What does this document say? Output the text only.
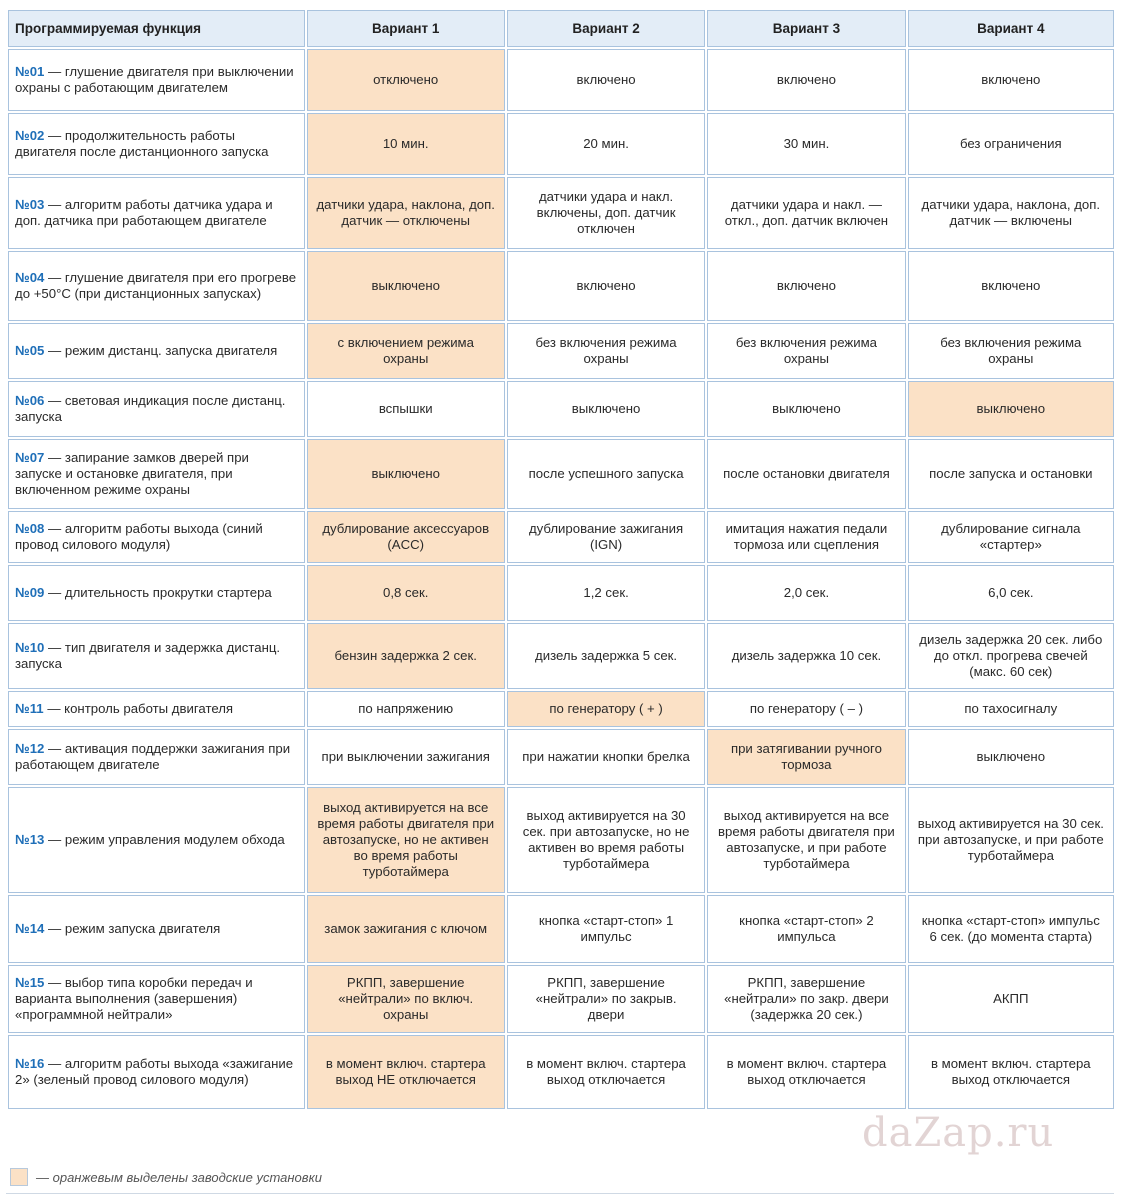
Программируемая функция	Вариант 1	Вариант 2	Вариант 3	Вариант 4
№01 — глушение двигателя при выключении охраны с работающим двигателем	отключено	включено	включено	включено
№02 — продолжительность работы двигателя после дистанционного запуска	10 мин.	20 мин.	30 мин.	без ограничения
№03 — алгоритм работы датчика удара и доп. датчика при работающем двигателе	датчики удара, наклона, доп. датчик — отключены	датчики удара и накл. включены, доп. датчик отключен	датчики удара и накл. — откл., доп. датчик включен	датчики удара, наклона, доп. датчик — включены
№04 — глушение двигателя при его прогреве до +50°С (при дистанционных запусках)	выключено	включено	включено	включено
№05 — режим дистанц. запуска двигателя	с включением режима охраны	без включения режима охраны	без включения режима охраны	без включения режима охраны
№06 — световая индикация после дистанц. запуска	вспышки	выключено	выключено	выключено
№07 — запирание замков дверей при запуске и остановке двигателя, при включенном режиме охраны	выключено	после успешного запуска	после остановки двигателя	после запуска и остановки
№08 — алгоритм работы выхода (синий провод силового модуля)	дублирование аксессуаров (ACC)	дублирование зажигания (IGN)	имитация нажатия педали тормоза или сцепления	дублирование сигнала «стартер»
№09 — длительность прокрутки стартера	0,8 сек.	1,2 сек.	2,0 сек.	6,0 сек.
№10 — тип двигателя и задержка дистанц. запуска	бензин задержка 2 сек.	дизель задержка 5 сек.	дизель задержка 10 сек.	дизель задержка 20 сек. либо до откл. прогрева свечей (макс. 60 сек)
№11 — контроль работы двигателя	по напряжению	по генератору ( + )	по генератору ( – )	по тахосигналу
№12 — активация поддержки зажигания при работающем двигателе	при выключении зажигания	при нажатии кнопки брелка	при затягивании ручного тормоза	выключено
№13 — режим управления модулем обхода	выход активируется на все время работы двигателя при автозапуске, но не активен во время работы турботаймера	выход активируется на 30 сек. при автозапуске, но не активен во время работы турботаймера	выход активируется на все время работы двигателя при автозапуске, и при работе турботаймера	выход активируется на 30 сек. при автозапуске, и при работе турботаймера
№14 — режим запуска двигателя	замок зажигания с ключом	кнопка «старт-стоп» 1 импульс	кнопка «старт-стоп» 2 импульса	кнопка «старт-стоп» импульс 6 сек. (до момента старта)
№15 — выбор типа коробки передач и варианта выполнения (завершения) «программной нейтрали»	РКПП, завершение «нейтрали» по включ. охраны	РКПП, завершение «нейтрали» по закрыв. двери	РКПП, завершение «нейтрали» по закр. двери (задержка 20 сек.)	АКПП
№16 — алгоритм работы выхода «зажигание 2» (зеленый провод силового модуля)	в момент включ. стартера выход НЕ отключается	в момент включ. стартера выход отключается	в момент включ. стартера выход отключается	в момент включ. стартера выход отключается
— оранжевым выделены заводские установки
daZap.ru
